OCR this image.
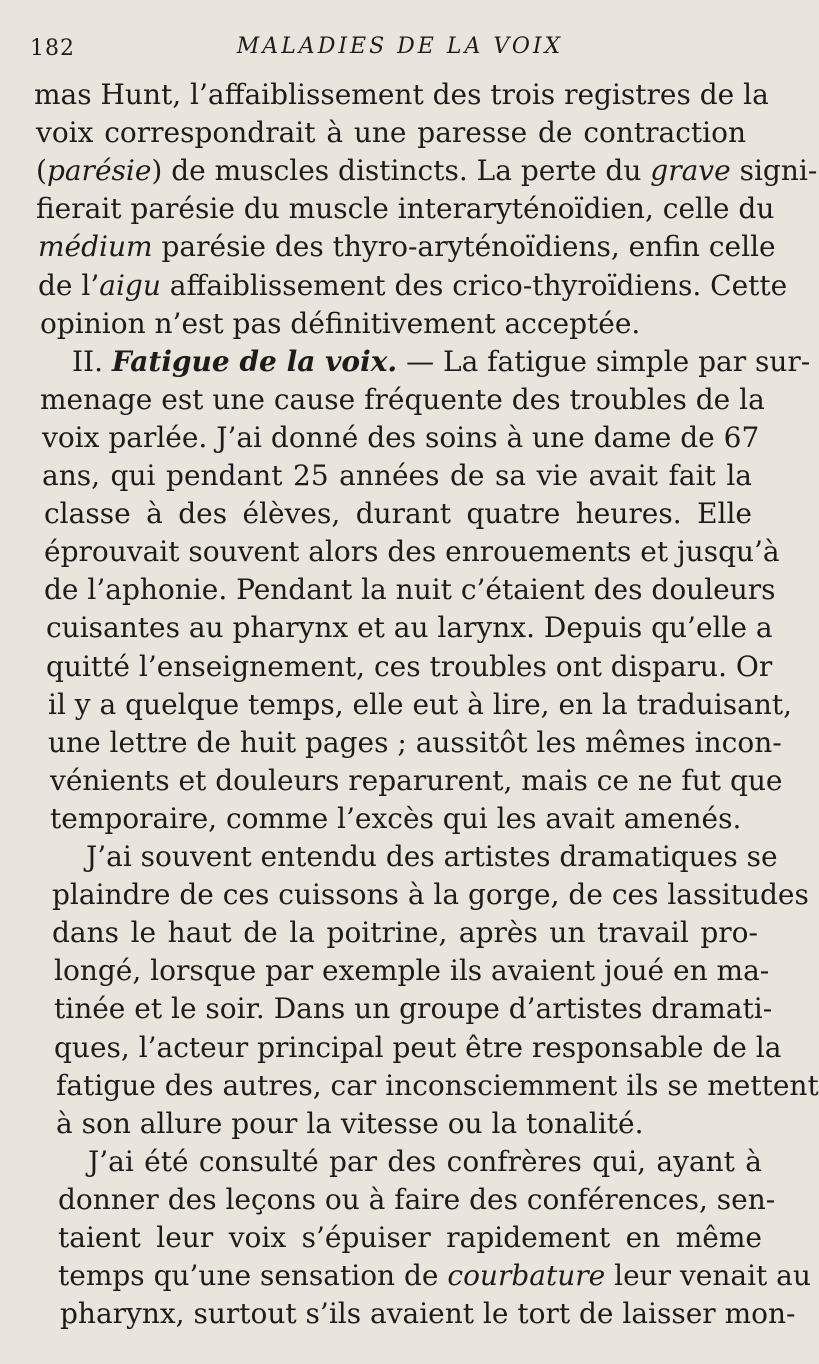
182	MALADIES DE LA VOIX
mas Hunt, l’affaiblissement des trois registres de la
voix correspondrait à une paresse de contraction
(parésie) de muscles distincts. La perte du grave signi-
fierait parésie du muscle interaryténoïdien, celle du
médium parésie des thyro-aryténoïdiens, enfin celle
de l’aigu affaiblissement des crico-thyroïdiens. Cette
opinion n’est pas définitivement acceptée.
II. Fatigue de la voix. — La fatigue simple par sur-
menage est une cause fréquente des troubles de la
voix parlée. J’ai donné des soins à une dame de 67
ans, qui pendant 25 années de sa vie avait fait la
classe à des élèves, durant quatre heures. Elle
éprouvait souvent alors des enrouements et jusqu’à
de l’aphonie. Pendant la nuit c’étaient des douleurs
cuisantes au pharynx et au larynx. Depuis qu’elle a
quitté l’enseignement, ces troubles ont disparu. Or
il y a quelque temps, elle eut à lire, en la traduisant,
une lettre de huit pages ; aussitôt les mêmes incon-
vénients et douleurs reparurent, mais ce ne fut que
temporaire, comme l’excès qui les avait amenés.
J’ai souvent entendu des artistes dramatiques se
plaindre de ces cuissons à la gorge, de ces lassitudes
dans le haut de la poitrine, après un travail pro-
longé, lorsque par exemple ils avaient joué en ma-
tinée et le soir. Dans un groupe d’artistes dramati-
ques, l’acteur principal peut être responsable de la
fatigue des autres, car inconsciemment ils se mettent
à son allure pour la vitesse ou la tonalité.
J’ai été consulté par des confrères qui, ayant à
donner des leçons ou à faire des conférences, sen-
taient leur voix s’épuiser rapidement en même
temps qu’une sensation de courbature leur venait au
pharynx, surtout s’ils avaient le tort de laisser mon-
